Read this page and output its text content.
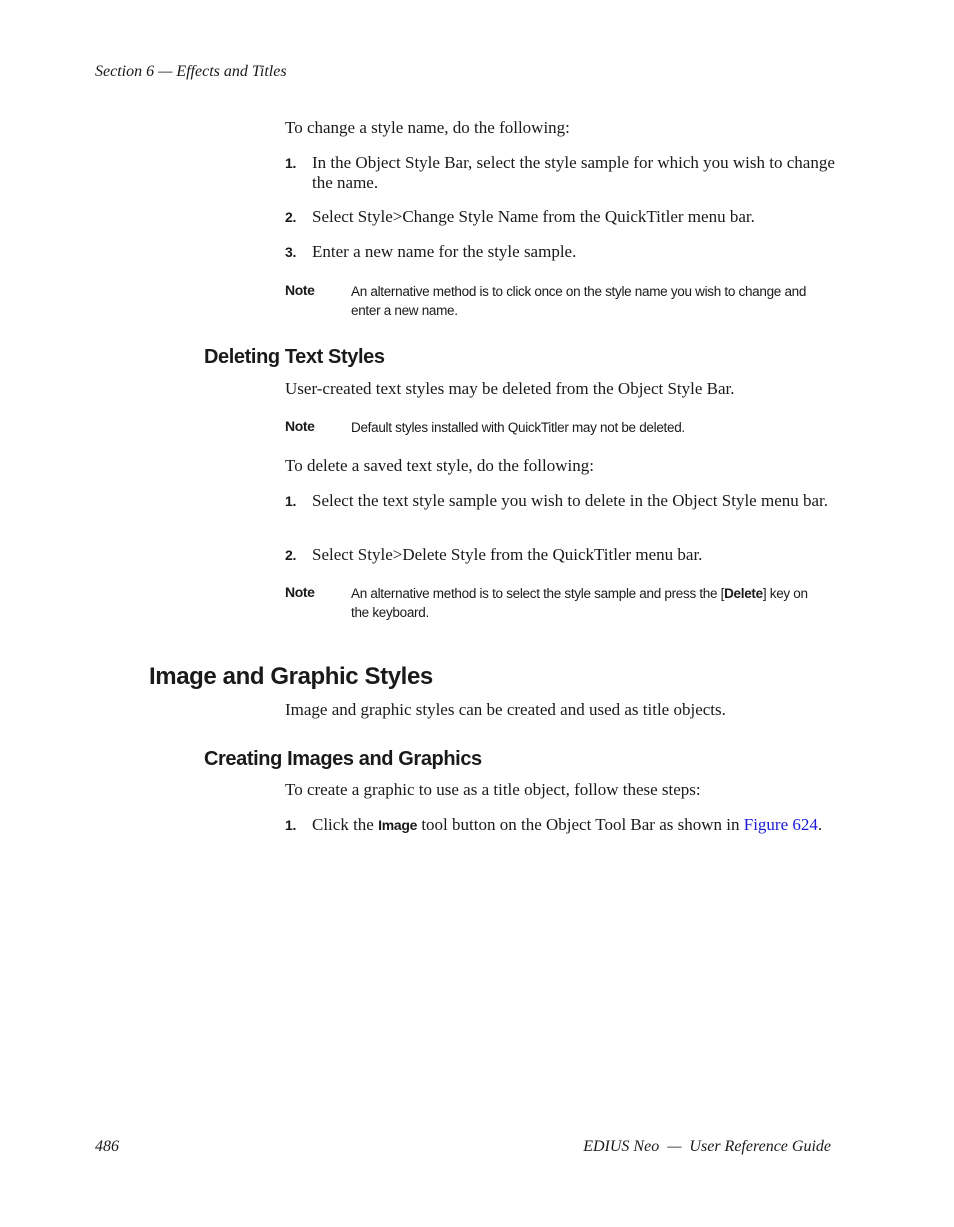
Section 6 — Effects and Titles
To change a style name, do the following:
1. In the Object Style Bar, select the style sample for which you wish to change the name.
2. Select Style>Change Style Name from the QuickTitler menu bar.
3. Enter a new name for the style sample.
Note	An alternative method is to click once on the style name you wish to change and enter a new name.
Deleting Text Styles
User-created text styles may be deleted from the Object Style Bar.
Note	Default styles installed with QuickTitler may not be deleted.
To delete a saved text style, do the following:
1. Select the text style sample you wish to delete in the Object Style menu bar.
2. Select Style>Delete Style from the QuickTitler menu bar.
Note	An alternative method is to select the style sample and press the [Delete] key on the keyboard.
Image and Graphic Styles
Image and graphic styles can be created and used as title objects.
Creating Images and Graphics
To create a graphic to use as a title object, follow these steps:
1. Click the Image tool button on the Object Tool Bar as shown in Figure 624.
486	EDIUS Neo  —  User Reference Guide
